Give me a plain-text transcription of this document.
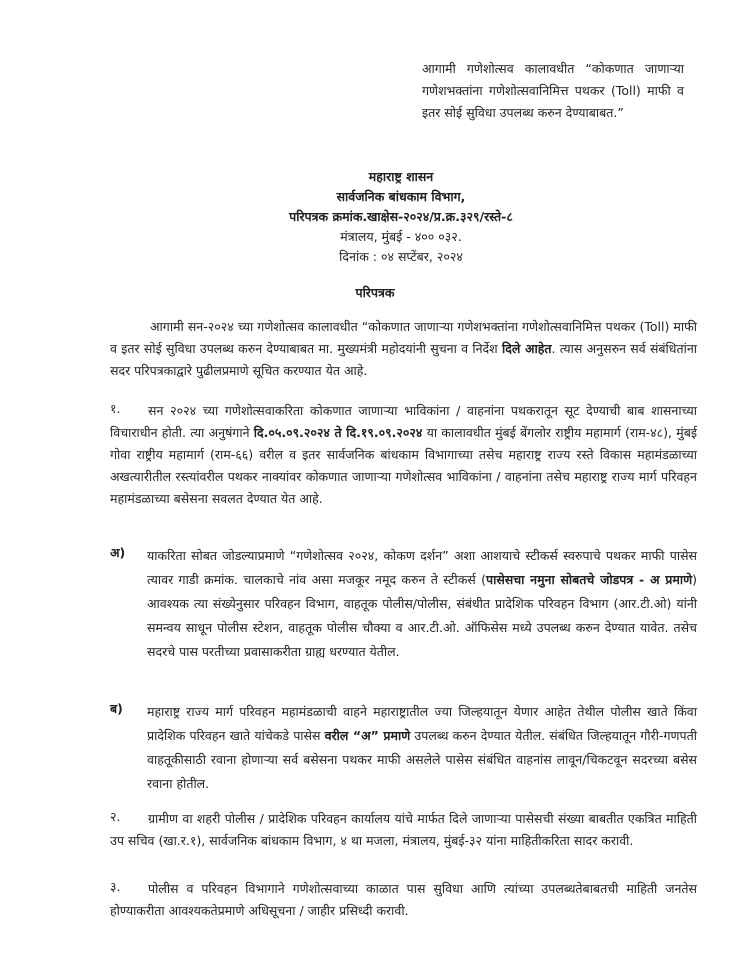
आगामी गणेशोत्सव कालावधीत “कोकणात जाणाऱ्या गणेशभक्तांना गणेशोत्सवानिमित्त पथकर (Toll) माफी व इतर सोई सुविधा उपलब्ध करुन देण्याबाबत.”
महाराष्ट्र शासन
सार्वजनिक बांधकाम विभाग,
परिपत्रक क्रमांक.खाक्षेस-२०२४/प्र.क्र.३२९/रस्ते-८
मंत्रालय, मुंबई - ४०० ०३२.
दिनांक : ०४ सप्टेंबर, २०२४
परिपत्रक
आगामी सन-२०२४ च्या गणेशोत्सव कालावधीत “कोकणात जाणाऱ्या गणेशभक्तांना गणेशोत्सवानिमित्त पथकर (Toll) माफी व इतर सोई सुविधा उपलब्ध करुन देण्याबाबत मा. मुख्यमंत्री महोदयांनी सुचना व निर्देश दिले आहेत. त्यास अनुसरुन सर्व संबंधितांना सदर परिपत्रकाद्वारे पुढीलप्रमाणे सूचित करण्यात येत आहे.
१.	सन २०२४ च्या गणेशोत्सवाकरिता कोकणात जाणाऱ्या भाविकांना / वाहनांना पथकरातून सूट देण्याची बाब शासनाच्या विचाराधीन होती. त्या अनुषंगाने दि.०५.०९.२०२४ ते दि.१९.०९.२०२४ या कालावधीत मुंबई बेंगलोर राष्ट्रीय महामार्ग (राम-४८), मुंबई गोवा राष्ट्रीय महामार्ग (राम-६६) वरील व इतर सार्वजनिक बांधकाम विभागाच्या तसेच महाराष्ट्र राज्य रस्ते विकास महामंडळाच्या अखत्यारीतील रस्त्यांवरील पथकर नाक्यांवर कोकणात जाणाऱ्या गणेशोत्सव भाविकांना / वाहनांना तसेच महाराष्ट्र राज्य मार्ग परिवहन महामंडळाच्या बसेसना सवलत देण्यात येत आहे.
अ) याकरिता सोबत जोडल्याप्रमाणे “गणेशोत्सव २०२४, कोकण दर्शन” अशा आशयाचे स्टीकर्स स्वरुपाचे पथकर माफी पासेस त्यावर गाडी क्रमांक. चालकाचे नांव असा मजकूर नमूद करुन ते स्टीकर्स (पासेसचा नमुना सोबतचे जोडपत्र - अ प्रमाणे) आवश्यक त्या संख्येनुसार परिवहन विभाग, वाहतूक पोलीस/पोलीस, संबंधीत प्रादेशिक परिवहन विभाग (आर.टी.ओ) यांनी समन्वय साधून पोलीस स्टेशन, वाहतूक पोलीस चौक्या व आर.टी.ओ. ऑफिसेस मध्ये उपलब्ध करुन देण्यात यावेत. तसेच सदरचे पास परतीच्या प्रवासाकरीता ग्राह्य धरण्यात येतील.
ब) महाराष्ट्र राज्य मार्ग परिवहन महामंडळाची वाहने महाराष्ट्रातील ज्या जिल्हयातून येणार आहेत तेथील पोलीस खाते किंवा प्रादेशिक परिवहन खाते यांचेकडे पासेस वरील “अ” प्रमाणे उपलब्ध करुन देण्यात येतील. संबंधित जिल्हयातून गौरी-गणपती वाहतूकीसाठी रवाना होणाऱ्या सर्व बसेसना पथकर माफी असलेले पासेस संबंधित वाहनांस लावून/चिकटवून सदरच्या बसेस रवाना होतील.
२.	ग्रामीण वा शहरी पोलीस / प्रादेशिक परिवहन कार्यालय यांचे मार्फत दिले जाणाऱ्या पासेसची संख्या बाबतीत एकत्रित माहिती उप सचिव (खा.र.१), सार्वजनिक बांधकाम विभाग, ४ था मजला, मंत्रालय, मुंबई-३२ यांना माहितीकरिता सादर करावी.
३.	पोलीस व परिवहन विभागाने गणेशोत्सवाच्या काळात पास सुविधा आणि त्यांच्या उपलब्धतेबाबतची माहिती जनतेस होण्याकरीता आवश्यकतेप्रमाणे अधिसूचना / जाहीर प्रसिध्दी करावी.
